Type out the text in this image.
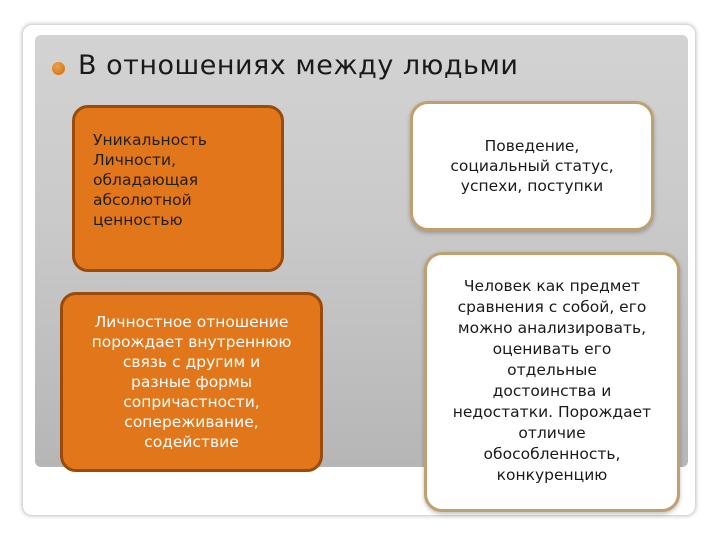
В отношениях между людьми
Уникальность
Личности,
обладающая
абсолютной
ценностью
Личностное отношение
порождает внутреннюю
связь с другим и
разные формы
сопричастности,
сопереживание,
содействие
Поведение,
социальный статус,
успехи, поступки
Человек как предмет
сравнения с собой, его
можно анализировать,
оценивать его
отдельные
достоинства и
недостатки. Порождает
отличие
обособленность,
конкуренцию
